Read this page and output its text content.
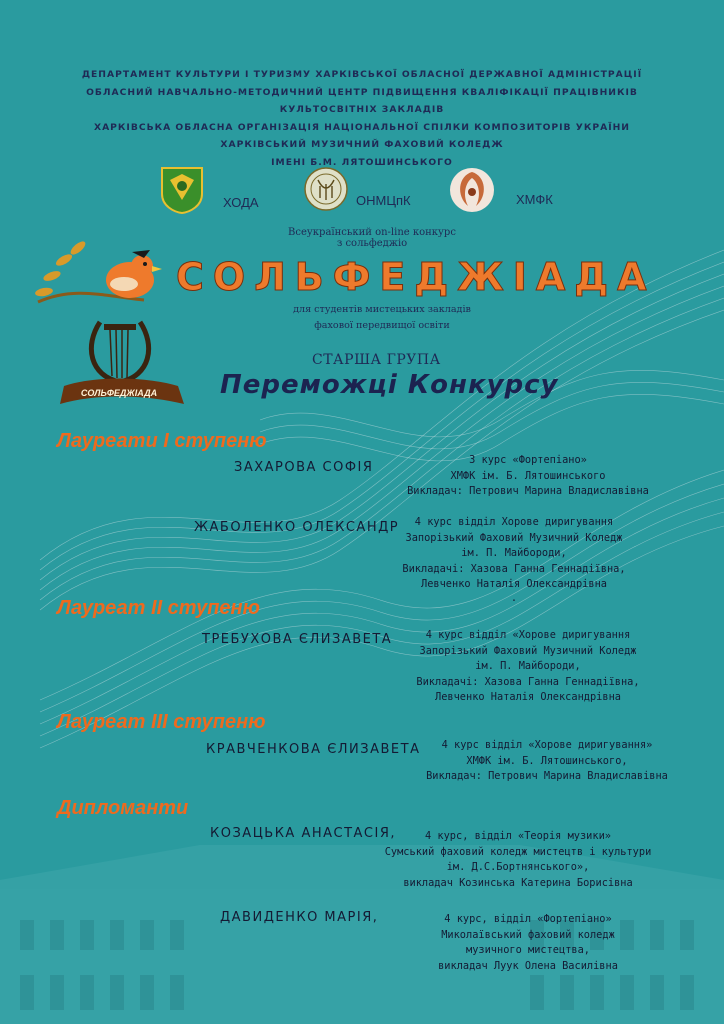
ДЕПАРТАМЕНТ КУЛЬТУРИ І ТУРИЗМУ ХАРКІВСЬКОЇ ОБЛАСНОЇ ДЕРЖАВНОЇ АДМІНІСТРАЦІЇ
ОБЛАСНИЙ НАВЧАЛЬНО-МЕТОДИЧНИЙ ЦЕНТР ПІДВИЩЕННЯ КВАЛІФІКАЦІЇ ПРАЦІВНИКІВ
КУЛЬТОСВІТНІХ ЗАКЛАДІВ
ХАРКІВСЬКА ОБЛАСНА ОРГАНІЗАЦІЯ НАЦІОНАЛЬНОЇ СПІЛКИ КОМПОЗИТОРІВ УКРАЇНИ
ХАРКІВСЬКИЙ МУЗИЧНИЙ ФАХОВИЙ КОЛЕДЖ
ІМЕНІ Б.М. ЛЯТОШИНСЬКОГО
ХОДА	ОНМЦпК	ХМФК
Всеукраїнський on-line конкурс
з сольфеджіо
СОЛЬФЕДЖІАДА
СОЛЬФЕДЖІАДА
для студентів мистецьких закладів
фахової передвищої освіти
СТАРША ГРУПА
Переможці Конкурсу
Лауреати І ступеню
ЗАХАРОВА СОФІЯ	3 курс «Фортепіано»
ХМФК ім. Б. Лятошинського
Викладач: Петрович Марина Владиславівна
ЖАБОЛЕНКО ОЛЕКСАНДР	4 курс відділ Хорове диригування
Запорізький Фаховий Музичний Коледж
ім. П. Майбороди,
Викладачі: Хазова Ганна Геннадіївна,
Левченко Наталія Олександрівна
.
Лауреат ІІ ступеню
ТРЕБУХОВА ЄЛИЗАВЕТА	4 курс відділ «Хорове диригування
Запорізький Фаховий Музичний Коледж
ім. П. Майбороди,
Викладачі: Хазова Ганна Геннадіївна,
Левченко Наталія Олександрівна
Лауреат ІІІ ступеню
КРАВЧЕНКОВА ЄЛИЗАВЕТА	4 курс відділ «Хорове диригування»
ХМФК ім. Б. Лятошинського,
Викладач: Петрович Марина Владиславівна
Дипломанти
КОЗАЦЬКА АНАСТАСІЯ,	4 курс, відділ «Теорія музики»
Сумський фаховий коледж мистецтв і культури
ім. Д.С.Бортнянського»,
викладач Козинська Катерина Борисівна
ДАВИДЕНКО МАРІЯ,	4 курс, відділ «Фортепіано»
Миколаївський фаховий коледж
музичного мистецтва,
викладач Луук Олена Василівна
